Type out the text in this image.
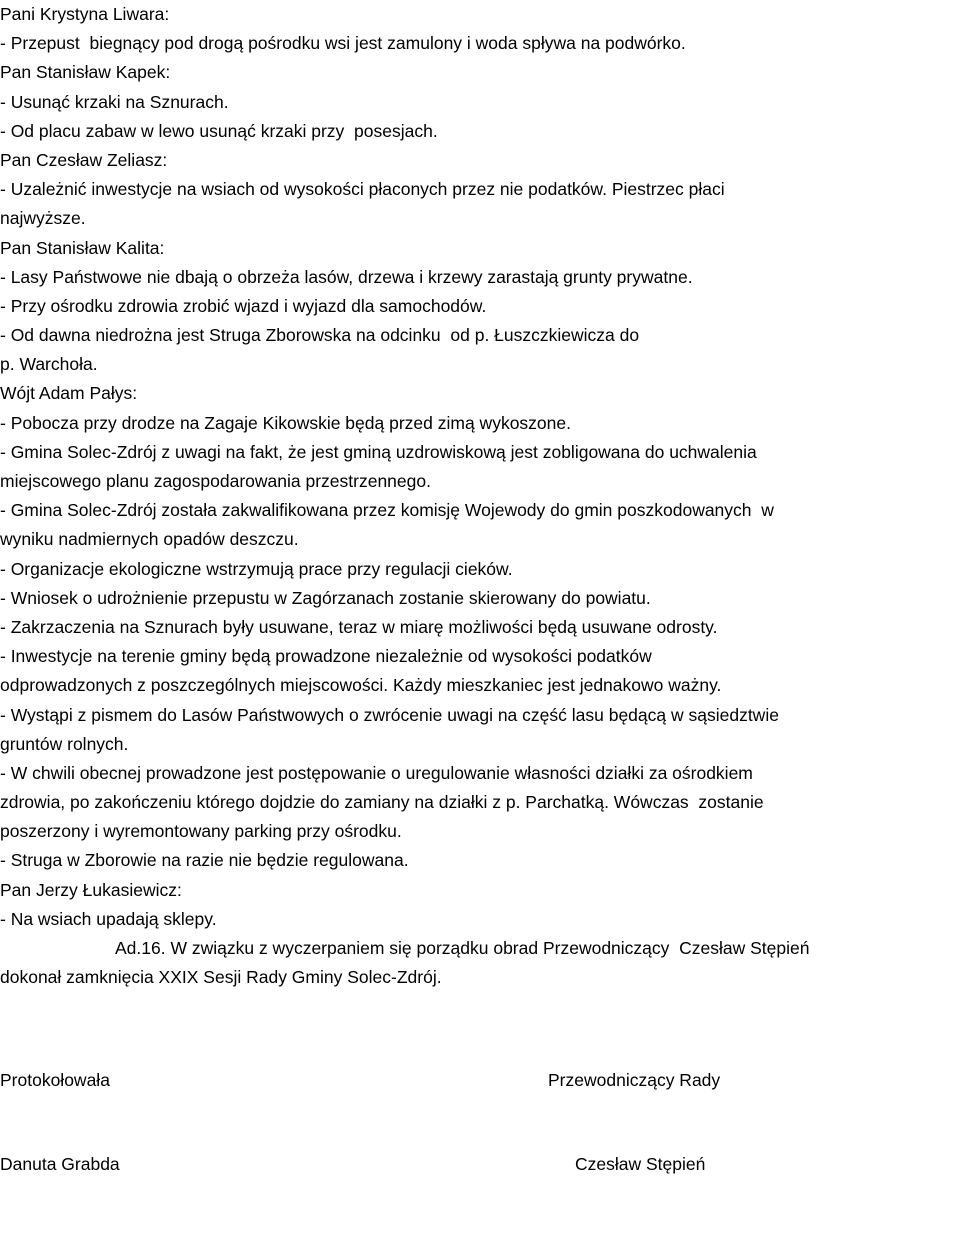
Pani Krystyna Liwara:
- Przepust  biegnący pod drogą pośrodku wsi jest zamulony i woda spływa na podwórko.
Pan Stanisław Kapek:
- Usunąć krzaki na Sznurach.
- Od placu zabaw w lewo usunąć krzaki przy  posesjach.
Pan Czesław Zeliasz:
- Uzależnić inwestycje na wsiach od wysokości płaconych przez nie podatków. Piestrzec płaci
najwyższe.
Pan Stanisław Kalita:
- Lasy Państwowe nie dbają o obrzeża lasów, drzewa i krzewy zarastają grunty prywatne.
- Przy ośrodku zdrowia zrobić wjazd i wyjazd dla samochodów.
- Od dawna niedrożna jest Struga Zborowska na odcinku  od p. Łuszczkiewicza do
p. Warchoła.
Wójt Adam Pałys:
- Pobocza przy drodze na Zagaje Kikowskie będą przed zimą wykoszone.
- Gmina Solec-Zdrój z uwagi na fakt, że jest gminą uzdrowiskową jest zobligowana do uchwalenia
miejscowego planu zagospodarowania przestrzennego.
- Gmina Solec-Zdrój została zakwalifikowana przez komisję Wojewody do gmin poszkodowanych  w
wyniku nadmiernych opadów deszczu.
- Organizacje ekologiczne wstrzymują prace przy regulacji cieków.
- Wniosek o udrożnienie przepustu w Zagórzanach zostanie skierowany do powiatu.
- Zakrzaczenia na Sznurach były usuwane, teraz w miarę możliwości będą usuwane odrosty.
- Inwestycje na terenie gminy będą prowadzone niezależnie od wysokości podatków
odprowadzonych z poszczególnych miejscowości. Każdy mieszkaniec jest jednakowo ważny.
- Wystąpi z pismem do Lasów Państwowych o zwrócenie uwagi na część lasu będącą w sąsiedztwie
gruntów rolnych.
- W chwili obecnej prowadzone jest postępowanie o uregulowanie własności działki za ośrodkiem
zdrowia, po zakończeniu którego dojdzie do zamiany na działki z p. Parchatką. Wówczas  zostanie
poszerzony i wyremontowany parking przy ośrodku.
- Struga w Zborowie na razie nie będzie regulowana.
Pan Jerzy Łukasiewicz:
- Na wsiach upadają sklepy.
Ad.16. W związku z wyczerpaniem się porządku obrad Przewodniczący  Czesław Stępień
dokonał zamknięcia XXIX Sesji Rady Gminy Solec-Zdrój.

Protokołowała

Danuta Grabda

Przewodniczący Rady

Czesław Stępień
